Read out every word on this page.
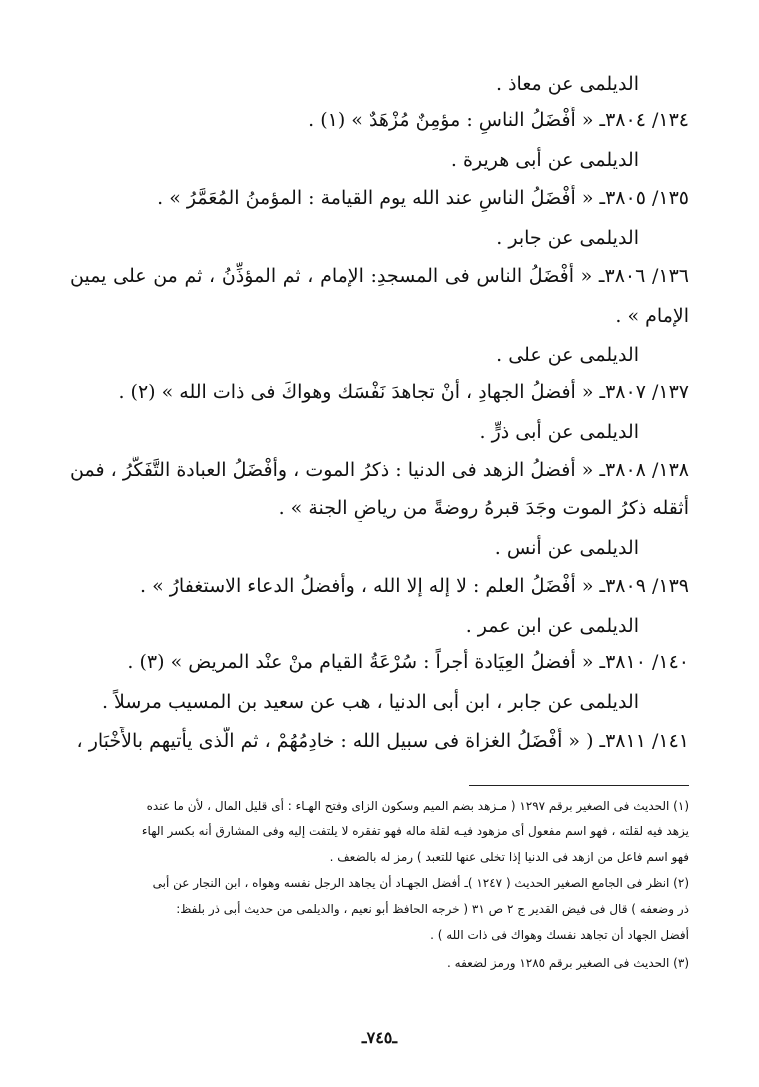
الديلمى عن معاذ .
١٣٤/ ٣٨٠٤ـ « أَفْضَلُ الناسِ : مؤمِنٌ مُزْهَدٌ » (١) .
الديلمى عن أبى هريرة .
١٣٥/ ٣٨٠٥ـ « أَفْضَلُ الناسِ عند الله يوم القيامة : المؤمنُ المُعَمَّرُ » .
الديلمى عن جابر .
١٣٦/ ٣٨٠٦ـ « أَفْضَلُ الناس فى المسجدِ: الإمام ، ثم المؤذِّنُ ، ثم من على يمين
الإمام » .
الديلمى عن على .
١٣٧/ ٣٨٠٧ـ « أفضلُ الجهادِ ، أنْ تجاهدَ نَفْسَك وهواكَ فى ذات الله » (٢) .
الديلمى عن أبى ذرٍّ .
١٣٨/ ٣٨٠٨ـ « أفضلُ الزهد فى الدنيا : ذكرُ الموت ، وأفْضَلُ العبادة التَّفَكُّرُ ، فمن
أثقله ذكرُ الموت وجَدَ قبرهُ روضةً من رياضِ الجنة » .
الديلمى عن أنس .
١٣٩/ ٣٨٠٩ـ « أفْضَلُ العلم : لا إله إلا الله ، وأفضلُ الدعاء الاستغفارُ » .
الديلمى عن ابن عمر .
١٤٠/ ٣٨١٠ـ « أفضلُ العِيَادة أجراً : سُرْعَةُ القيام منْ عنْد المريض » (٣) .
الديلمى عن جابر ، ابن أبى الدنيا ، هب عن سعيد بن المسيب مرسلاً .
١٤١/ ٣٨١١ـ ( « أَفْضَلُ الغزاة فى سبيل الله : خادِمُهُمْ ، ثم الَّذى يأتيهم بالأَخْبَار ،
(١) الحديث فى الصغير برقم ١٢٩٧ ( مـزهد بضم الميم وسكون الزاى وفتح الهـاء : أى قليل المال ، لأن ما عنده
يزهد فيه لقلته ، فهو اسم مفعول أى مزهود فيـه لقلة ماله فهو تفقره لا يلتفت إليه وفى المشارق أنه بكسر الهاء
فهو اسم فاعل من ازهد فى الدنيا إذا تخلى عنها للتعبد ) رمز له بالضعف .
(٢) انظر فى الجامع الصغير الحديث ( ١٢٤٧ )ـ أفضل الجهـاد أن يجاهد الرجل نفسه وهواه ، ابن النجار عن أبى
ذر وضعفه ) قال فى فيض القدير ج ٢ ص ٣١ ( خرجه الحافظ أبو نعيم ، والديلمى من حديث أبى ذر بلفظ:
أفضل الجهاد أن تجاهد نفسك وهواك فى ذات الله ) .
(٣) الحديث فى الصغير برقم ١٢٨٥ ورمز لضعفه .
ـ٧٤٥ـ
